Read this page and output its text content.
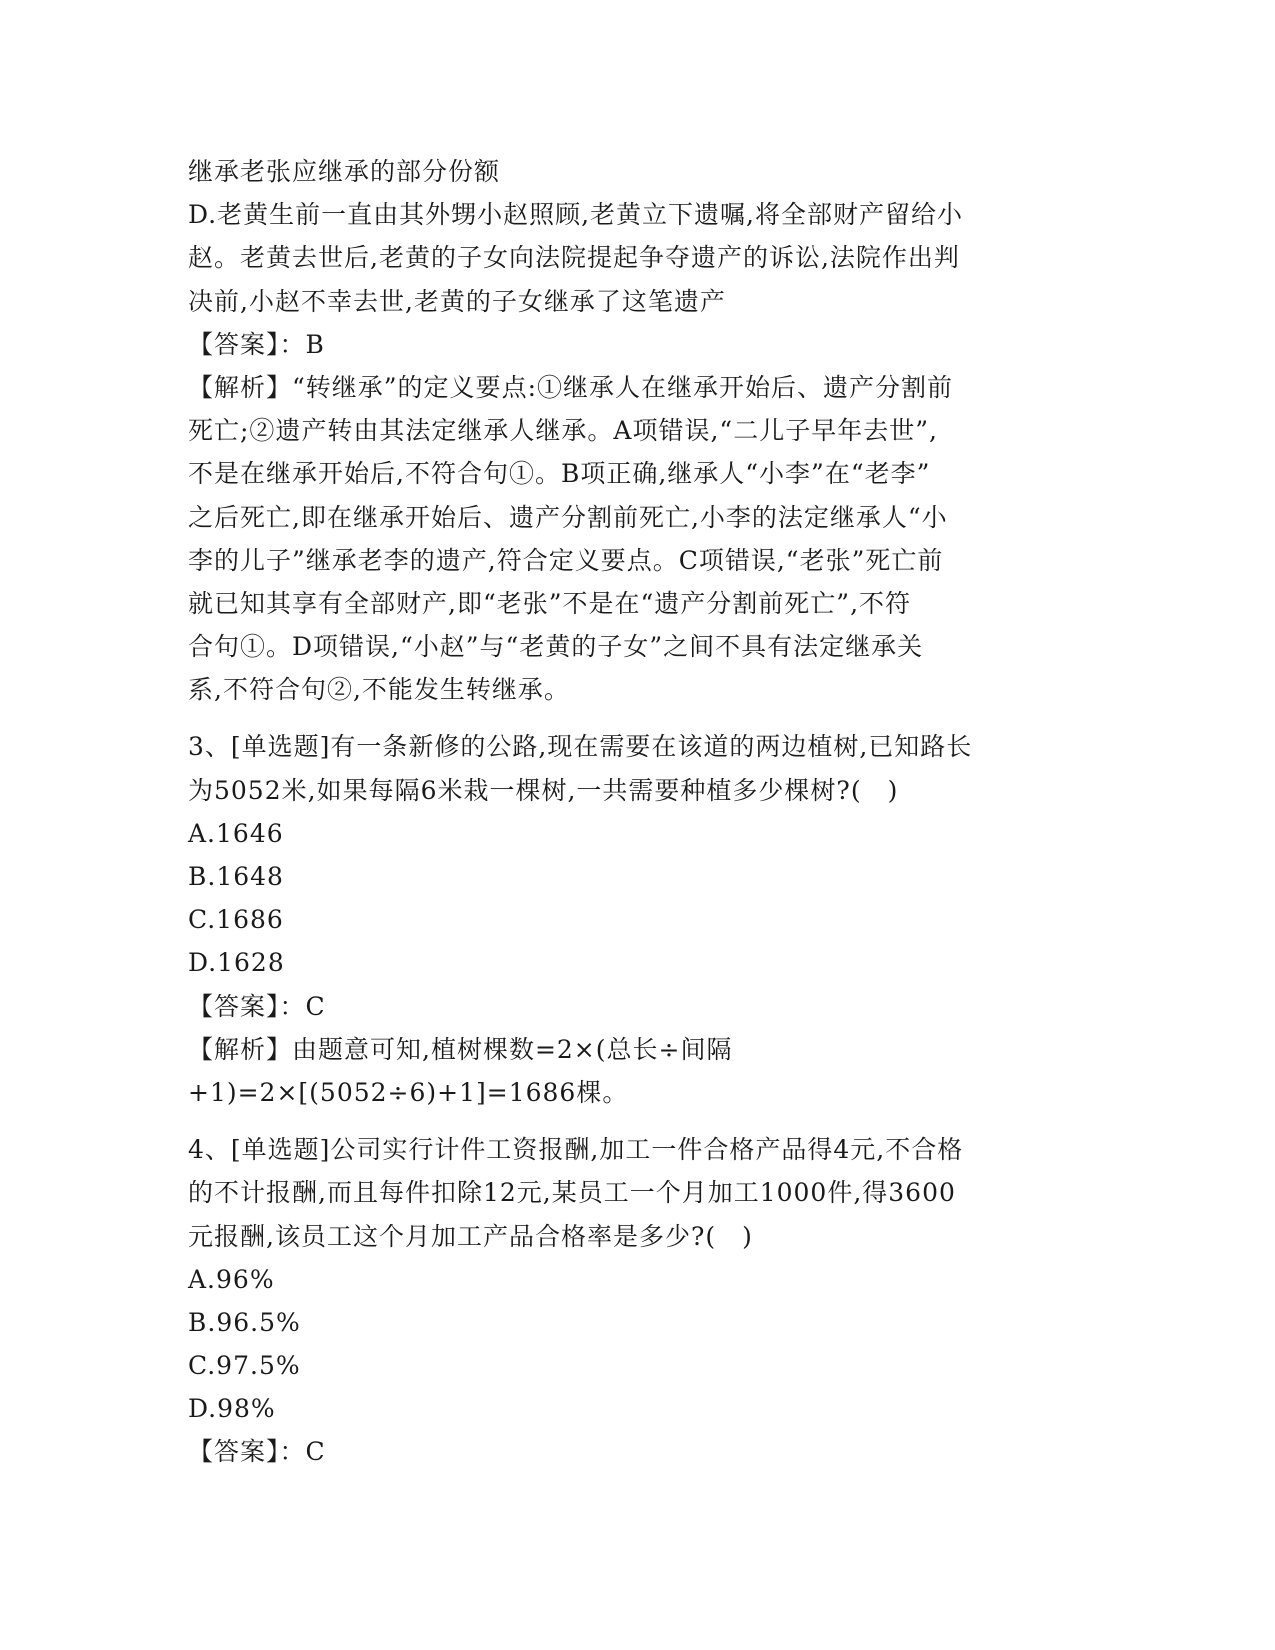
继承老张应继承的部分份额
D.老黄生前一直由其外甥小赵照顾,老黄立下遗嘱,将全部财产留给小
赵。老黄去世后,老黄的子女向法院提起争夺遗产的诉讼,法院作出判
决前,小赵不幸去世,老黄的子女继承了这笔遗产
【答案】：B
【解析】“转继承”的定义要点:①继承人在继承开始后、遗产分割前
死亡;②遗产转由其法定继承人继承。A项错误,“二儿子早年去世”,
不是在继承开始后,不符合句①。B项正确,继承人“小李”在“老李”
之后死亡,即在继承开始后、遗产分割前死亡,小李的法定继承人“小
李的儿子”继承老李的遗产,符合定义要点。C项错误,“老张”死亡前
就已知其享有全部财产,即“老张”不是在“遗产分割前死亡”,不符
合句①。D项错误,“小赵”与“老黄的子女”之间不具有法定继承关
系,不符合句②,不能发生转继承。
3、[单选题]有一条新修的公路,现在需要在该道的两边植树,已知路长
为5052米,如果每隔6米栽一棵树,一共需要种植多少棵树?(　)
A.1646
B.1648
C.1686
D.1628
【答案】：C
【解析】由题意可知,植树棵数=2×(总长÷间隔
+1)=2×[(5052÷6)+1]=1686棵。
4、[单选题]公司实行计件工资报酬,加工一件合格产品得4元,不合格
的不计报酬,而且每件扣除12元,某员工一个月加工1000件,得3600
元报酬,该员工这个月加工产品合格率是多少?(　)
A.96%
B.96.5%
C.97.5%
D.98%
【答案】：C
